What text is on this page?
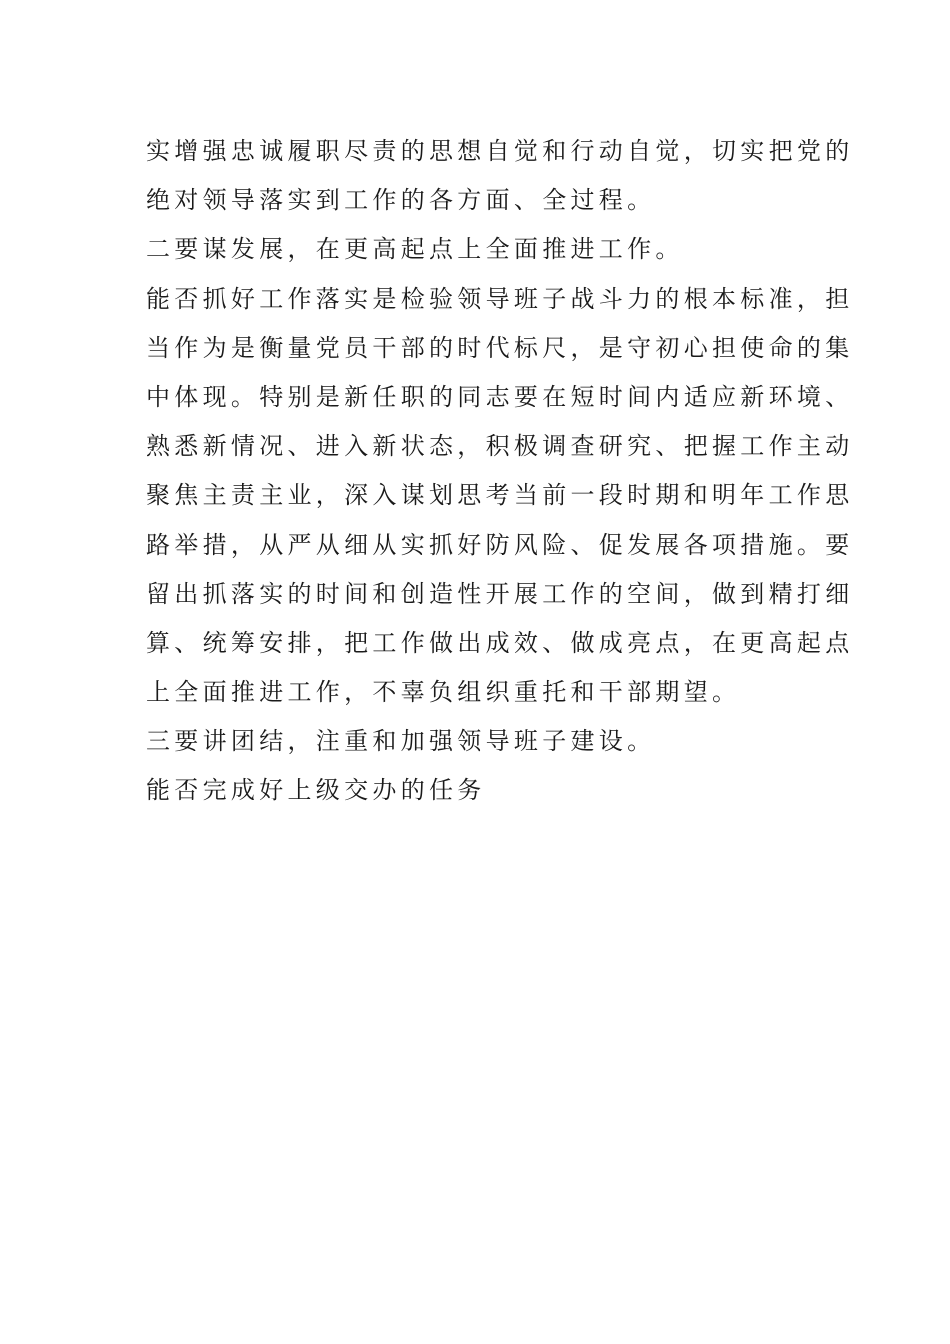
实增强忠诚履职尽责的思想自觉和行动自觉，切实把党的
绝对领导落实到工作的各方面、全过程。
二要谋发展，在更高起点上全面推进工作。
能否抓好工作落实是检验领导班子战斗力的根本标准，担
当作为是衡量党员干部的时代标尺，是守初心担使命的集
中体现。特别是新任职的同志要在短时间内适应新环境、
熟悉新情况、进入新状态，积极调查研究、把握工作主动
聚焦主责主业，深入谋划思考当前一段时期和明年工作思
路举措，从严从细从实抓好防风险、促发展各项措施。要
留出抓落实的时间和创造性开展工作的空间，做到精打细
算、统筹安排，把工作做出成效、做成亮点，在更高起点
上全面推进工作，不辜负组织重托和干部期望。
三要讲团结，注重和加强领导班子建设。
能否完成好上级交办的任务
